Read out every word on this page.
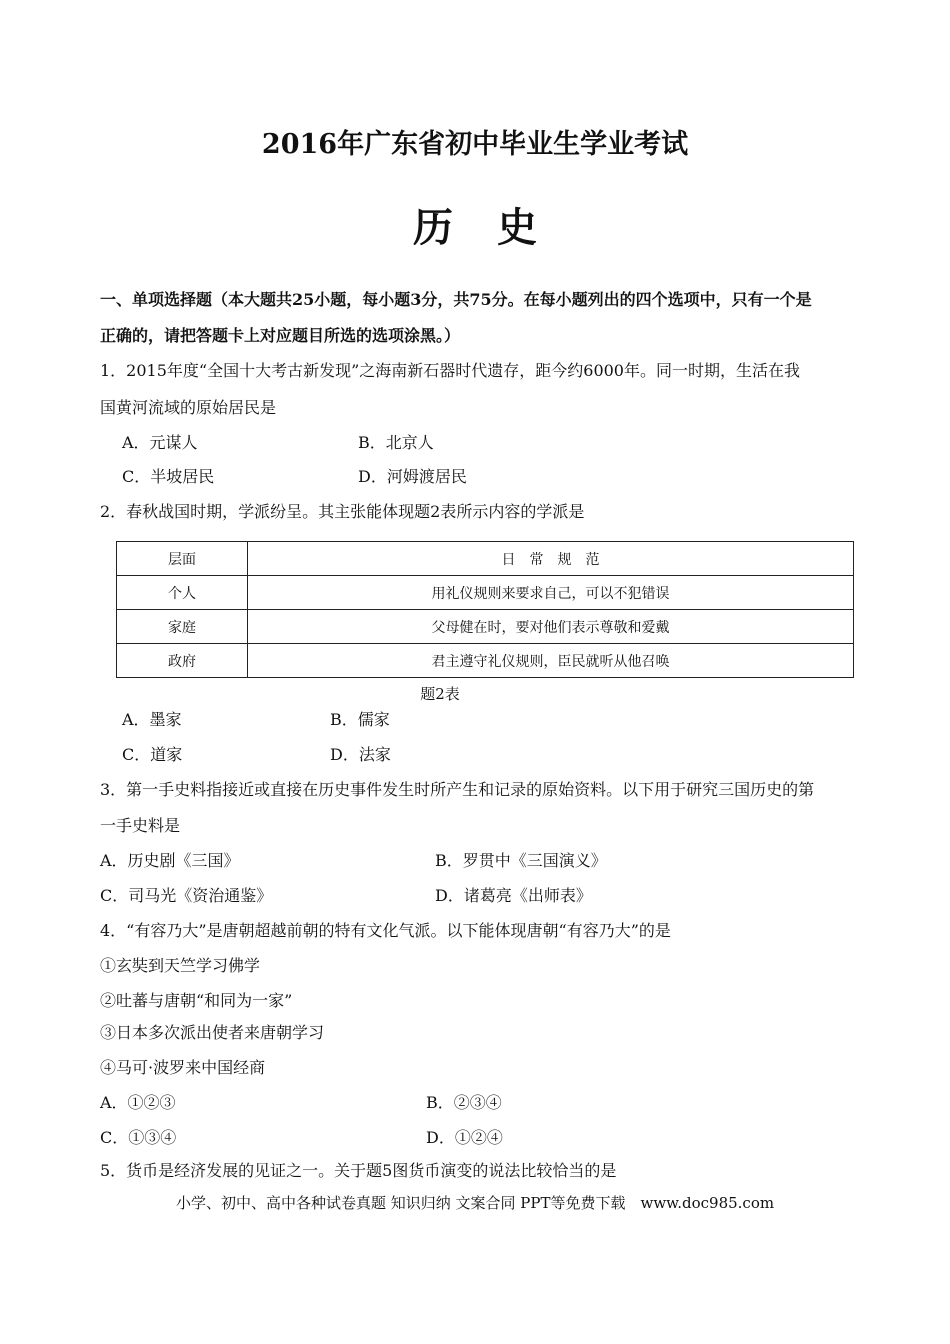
2016年广东省初中毕业生学业考试
历史
一、单项选择题（本大题共25小题，每小题3分，共75分。在每小题列出的四个选项中，只有一个是
正确的，请把答题卡上对应题目所选的选项涂黑。）
1．2015年度“全国十大考古新发现”之海南新石器时代遗存，距今约6000年。同一时期，生活在我
国黄河流域的原始居民是
A．元谋人	B．北京人
C．半坡居民	D．河姆渡居民
2．春秋战国时期，学派纷呈。其主张能体现题2表所示内容的学派是
层面	日　常　规　范
个人	用礼仪规则来要求自己，可以不犯错误
家庭	父母健在时，要对他们表示尊敬和爱戴
政府	君主遵守礼仪规则，臣民就听从他召唤
题2表
A．墨家	B．儒家
C．道家	D．法家
3．第一手史料指接近或直接在历史事件发生时所产生和记录的原始资料。以下用于研究三国历史的第
一手史料是
A．历史剧《三国》	B．罗贯中《三国演义》
C．司马光《资治通鉴》	D．诸葛亮《出师表》
4．“有容乃大”是唐朝超越前朝的特有文化气派。以下能体现唐朝“有容乃大”的是
①玄奘到天竺学习佛学
②吐蕃与唐朝“和同为一家”
③日本多次派出使者来唐朝学习
④马可·波罗来中国经商
A．①②③	B．②③④
C．①③④	D．①②④
5．货币是经济发展的见证之一。关于题5图货币演变的说法比较恰当的是
小学、初中、高中各种试卷真题 知识归纳 文案合同 PPT等免费下载　www.doc985.com
